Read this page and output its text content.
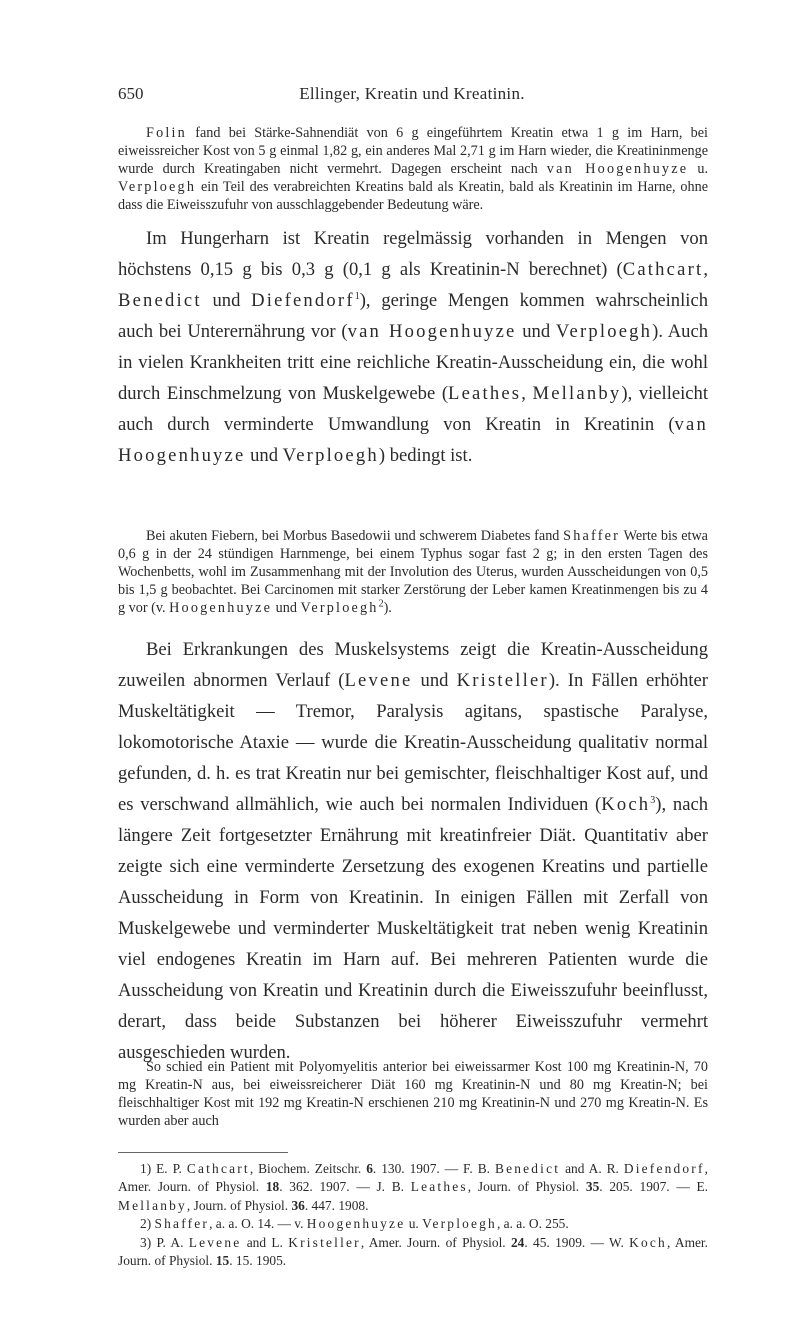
650	Ellinger, Kreatin und Kreatinin.
Folin fand bei Stärke-Sahnendiät von 6 g eingeführtem Kreatin etwa 1 g im Harn, bei eiweissreicher Kost von 5 g einmal 1,82 g, ein anderes Mal 2,71 g im Harn wieder, die Kreatininmenge wurde durch Kreatingaben nicht vermehrt. Dagegen erscheint nach van Hoogenhuyze u. Verploegh ein Teil des verabreichten Kreatins bald als Kreatin, bald als Kreatinin im Harne, ohne dass die Eiweisszufuhr von ausschlaggebender Bedeutung wäre.
Im Hungerharn ist Kreatin regelmässig vorhanden in Mengen von höchstens 0,15 g bis 0,3 g (0,1 g als Kreatinin-N berechnet) (Cathcart, Benedict und Diefendorf$^1$), geringe Mengen kommen wahrscheinlich auch bei Unterernährung vor (van Hoogenhuyze und Verploegh). Auch in vielen Krankheiten tritt eine reichliche Kreatin-Ausscheidung ein, die wohl durch Einschmelzung von Muskelgewebe (Leathes, Mellanby), vielleicht auch durch verminderte Umwandlung von Kreatin in Kreatinin (van Hoogenhuyze und Verploegh) bedingt ist.
Bei akuten Fiebern, bei Morbus Basedowii und schwerem Diabetes fand Shaffer Werte bis etwa 0,6 g in der 24 stündigen Harnmenge, bei einem Typhus sogar fast 2 g; in den ersten Tagen des Wochenbetts, wohl im Zusammenhang mit der Involution des Uterus, wurden Ausscheidungen von 0,5 bis 1,5 g beobachtet. Bei Carcinomen mit starker Zerstörung der Leber kamen Kreatinmengen bis zu 4 g vor (v. Hoogenhuyze und Verploegh$^2$).
Bei Erkrankungen des Muskelsystems zeigt die Kreatin-Ausscheidung zuweilen abnormen Verlauf (Levene und Kristeller). In Fällen erhöhter Muskeltätigkeit — Tremor, Paralysis agitans, spastische Paralyse, lokomotorische Ataxie — wurde die Kreatin-Ausscheidung qualitativ normal gefunden, d. h. es trat Kreatin nur bei gemischter, fleischhaltiger Kost auf, und es verschwand allmählich, wie auch bei normalen Individuen (Koch$^3$), nach längere Zeit fortgesetzter Ernährung mit kreatinfreier Diät. Quantitativ aber zeigte sich eine verminderte Zersetzung des exogenen Kreatins und partielle Ausscheidung in Form von Kreatinin. In einigen Fällen mit Zerfall von Muskelgewebe und verminderter Muskeltätigkeit trat neben wenig Kreatinin viel endogenes Kreatin im Harn auf. Bei mehreren Patienten wurde die Ausscheidung von Kreatin und Kreatinin durch die Eiweisszufuhr beeinflusst, derart, dass beide Substanzen bei höherer Eiweisszufuhr vermehrt ausgeschieden wurden.
So schied ein Patient mit Polyomyelitis anterior bei eiweissarmer Kost 100 mg Kreatinin-N, 70 mg Kreatin-N aus, bei eiweissreicherer Diät 160 mg Kreatinin-N und 80 mg Kreatin-N; bei fleischhaltiger Kost mit 192 mg Kreatin-N erschienen 210 mg Kreatinin-N und 270 mg Kreatin-N. Es wurden aber auch

1) E. P. Cathcart, Biochem. Zeitschr. 6. 130. 1907. — F. B. Benedict and A. R. Diefendorf, Amer. Journ. of Physiol. 18. 362. 1907. — J. B. Leathes, Journ. of Physiol. 35. 205. 1907. — E. Mellanby, Journ. of Physiol. 36. 447. 1908.

2) Shaffer, a. a. O. 14. — v. Hoogenhuyze u. Verploegh, a. a. O. 255.

3) P. A. Levene and L. Kristeller, Amer. Journ. of Physiol. 24. 45. 1909. — W. Koch, Amer. Journ. of Physiol. 15. 15. 1905.
